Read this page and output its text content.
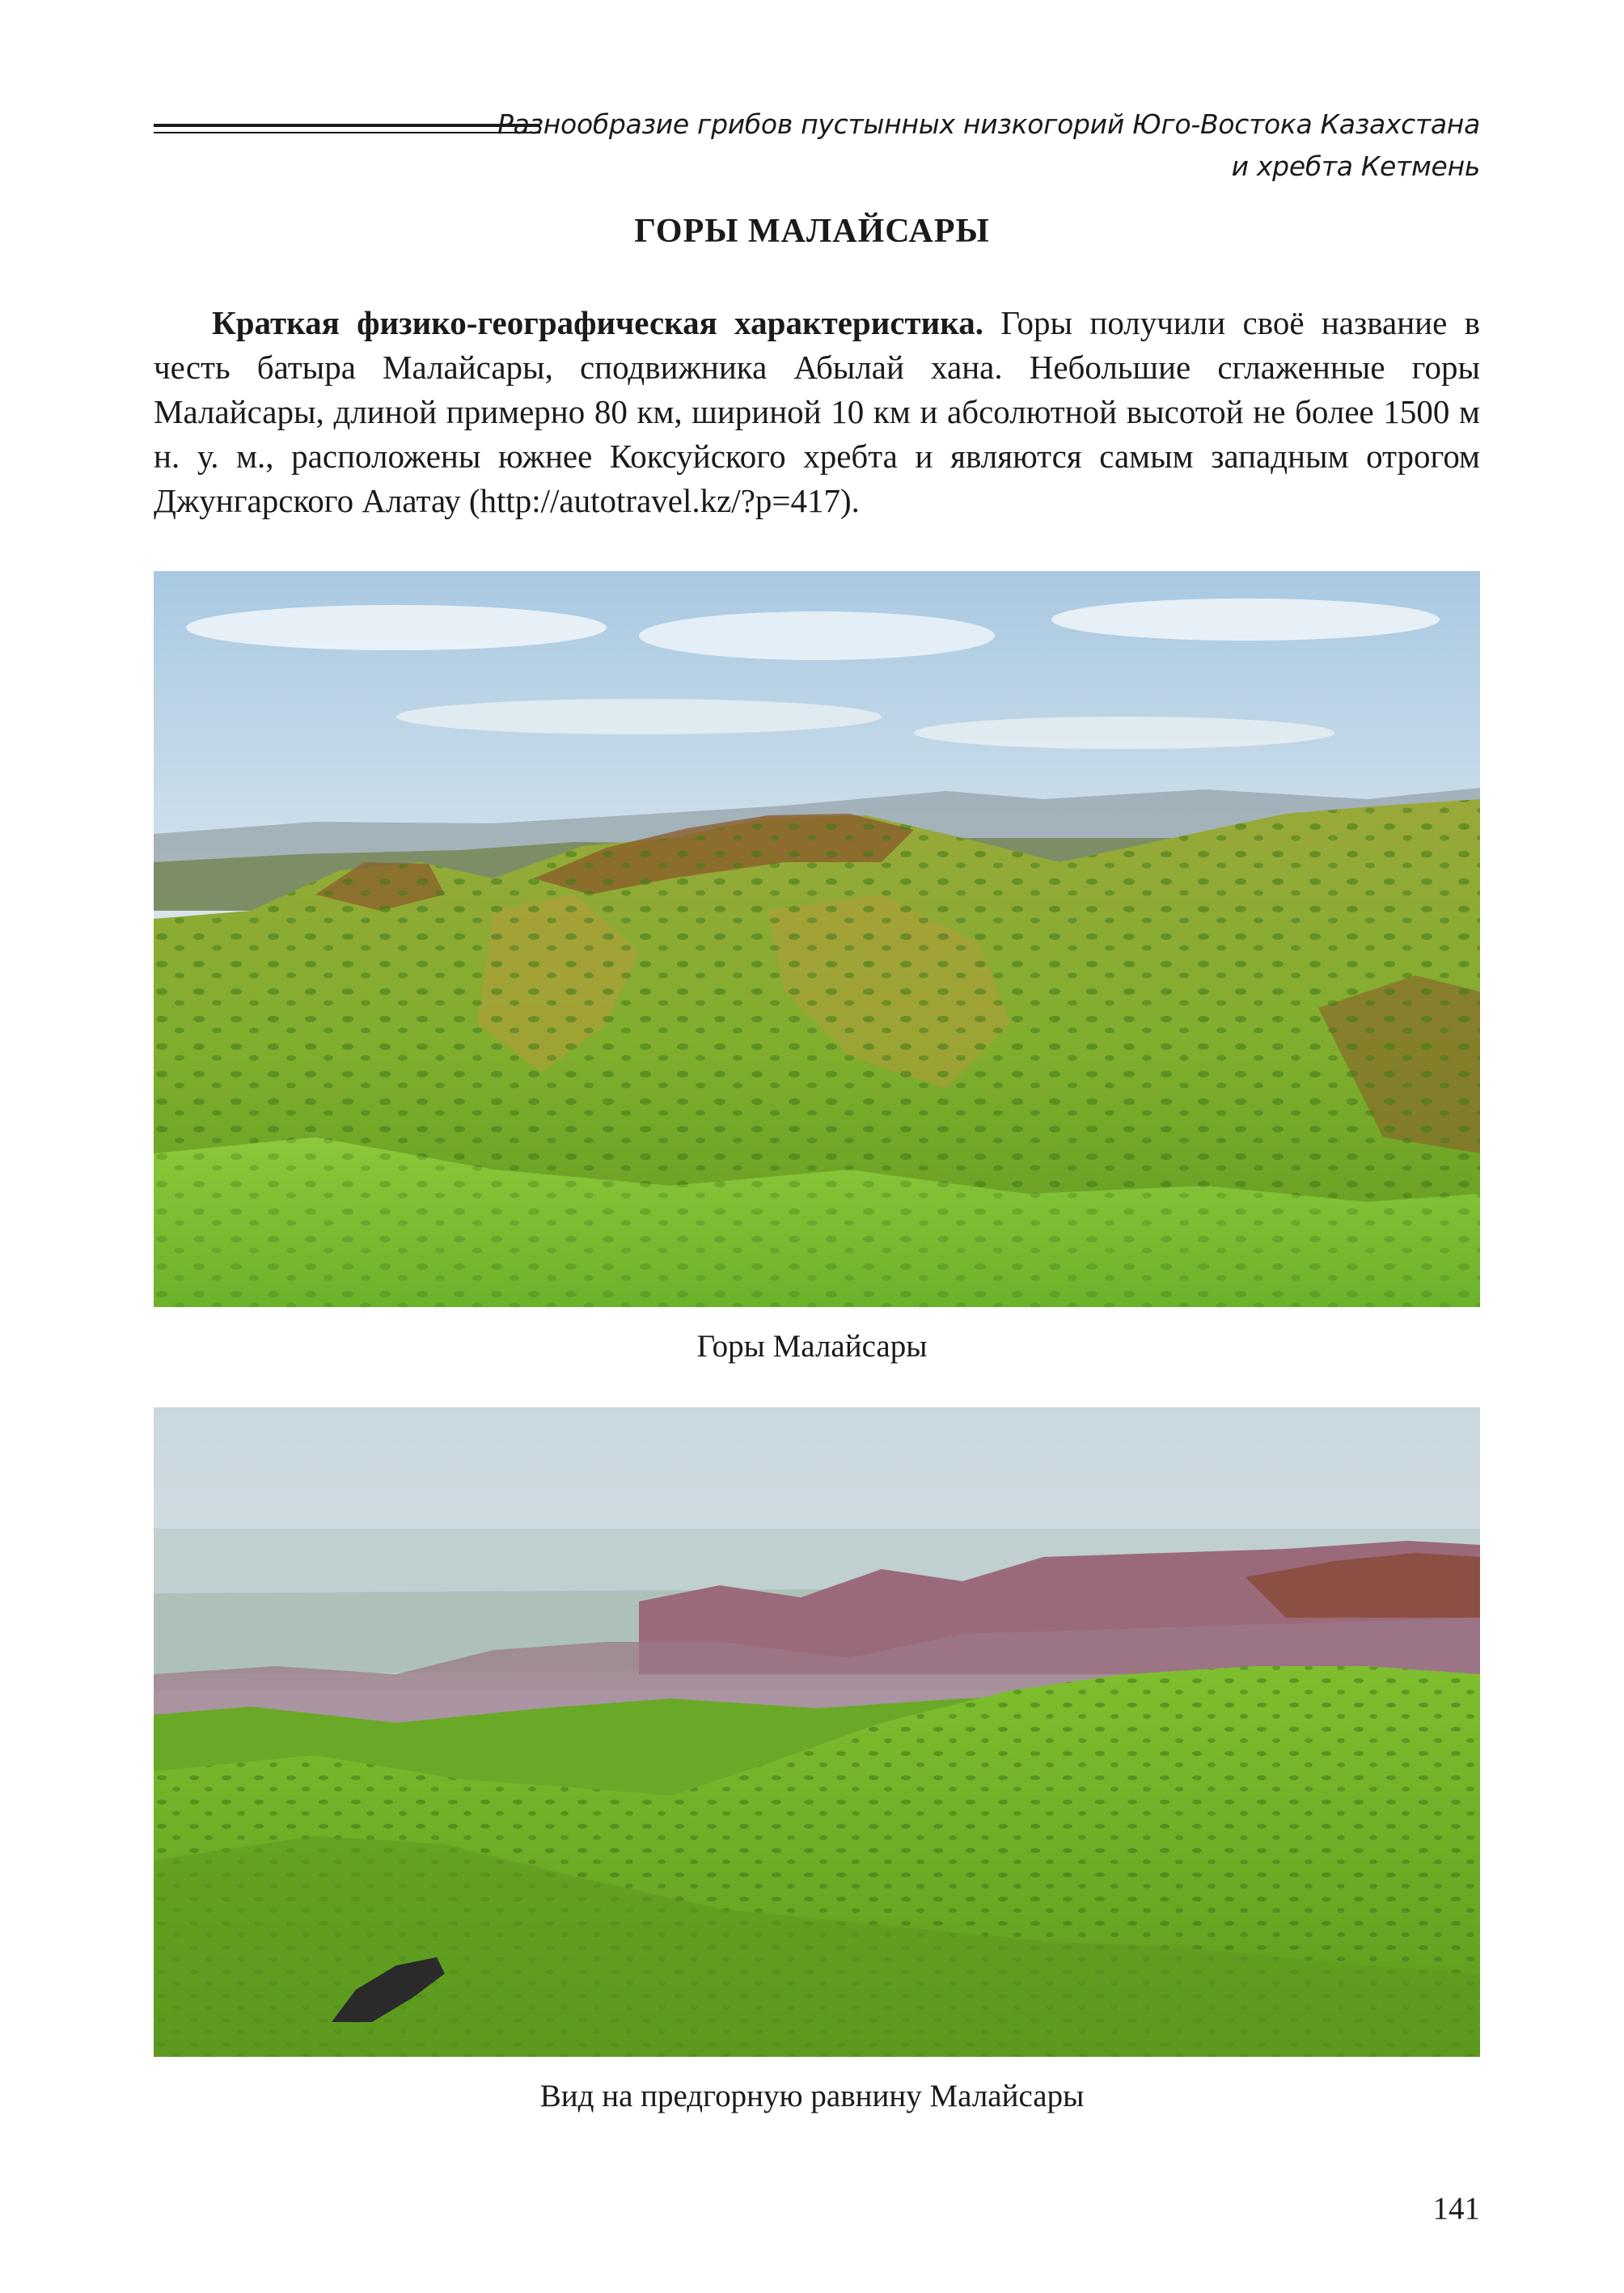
Разнообразие грибов пустынных низкогорий Юго-Востока Казахстана
и хребта Кетмень
ГОРЫ МАЛАЙСАРЫ

Краткая физико-географическая характеристика. Горы получили своё название в честь батыра Малайсары, сподвижника Абылай хана. Небольшие сглаженные горы Малайсары, длиной примерно 80 км, шириной 10 км и абсолютной высотой не более 1500 м н. у. м., расположены южнее Коксуйского хребта и являются самым западным отрогом Джунгарского Алатау (http://autotravel.kz/?p=417).

Горы Малайсары
Вид на предгорную равнину Малайсары
141
